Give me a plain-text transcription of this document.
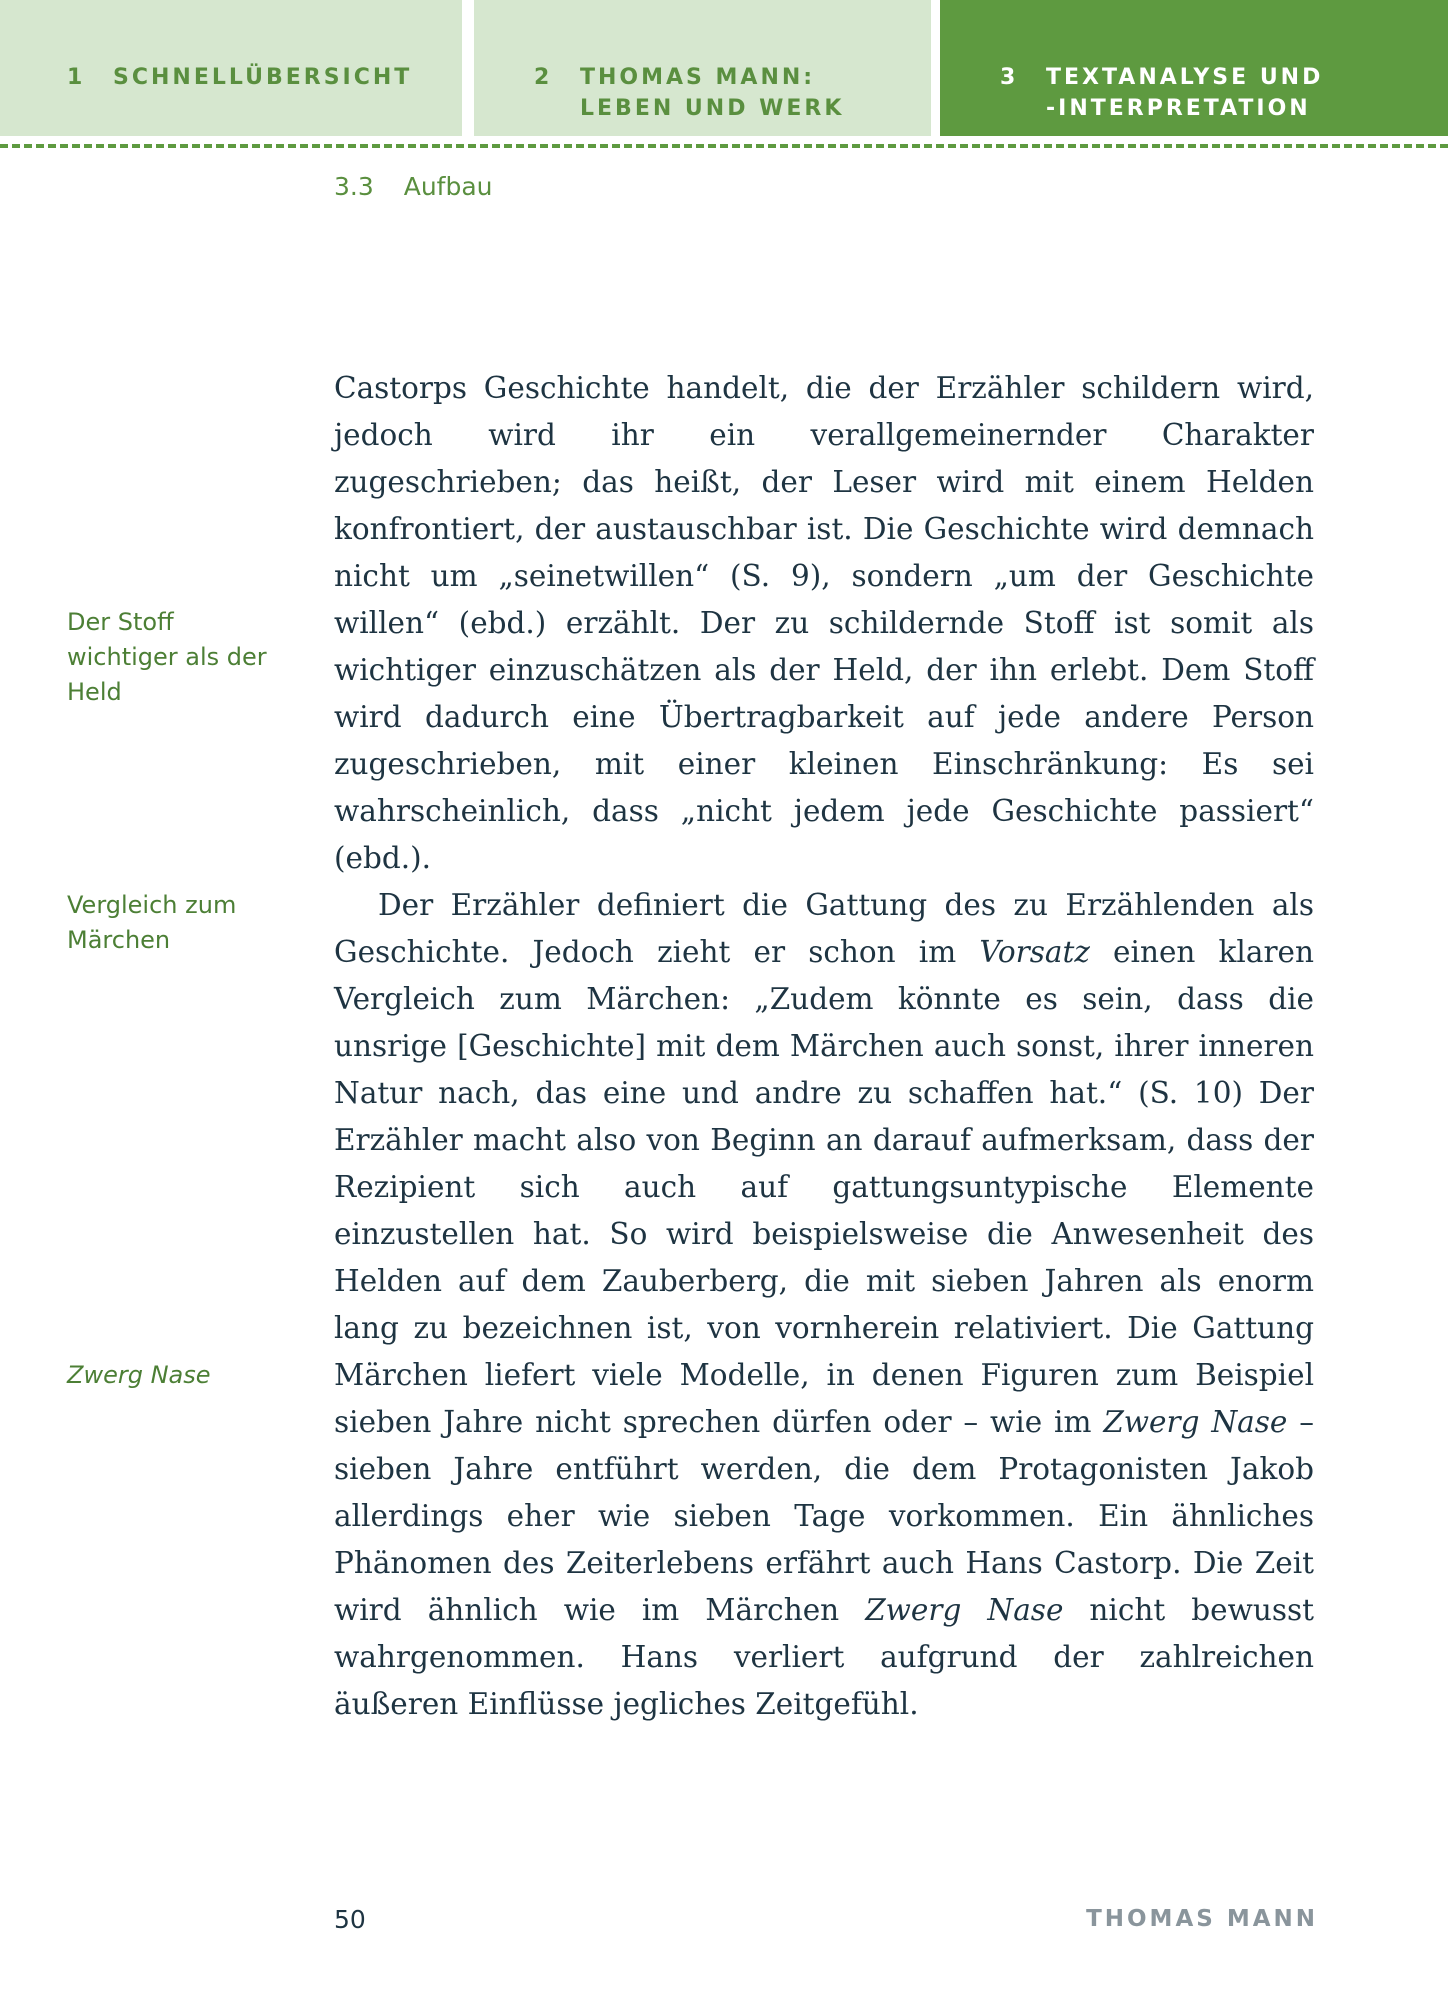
1	SCHNELLÜBERSICHT	2	THOMAS MANN:
LEBEN UND WERK
3	TEXTANALYSE UND
-INTERPRETATION
3.3 Aufbau
Der Stoff wichtiger als der Held
Vergleich zum Märchen
Zwerg Nase

Castorps Geschichte handelt, die der Erzähler schildern wird, jedoch wird ihr ein verallgemeinernder Charakter zugeschrieben; das heißt, der Leser wird mit einem Helden konfrontiert, der austauschbar ist. Die Geschichte wird demnach nicht um „seinetwillen“ (S. 9), sondern „um der Geschichte willen“ (ebd.) erzählt. Der zu schildernde Stoff ist somit als wichtiger einzuschätzen als der Held, der ihn erlebt. Dem Stoff wird dadurch eine Übertragbarkeit auf jede andere Person zugeschrieben, mit einer kleinen Einschränkung: Es sei wahrscheinlich, dass „nicht jedem jede Geschichte passiert“ (ebd.).

Der Erzähler definiert die Gattung des zu Erzählenden als Geschichte. Jedoch zieht er schon im Vorsatz einen klaren Vergleich zum Märchen: „Zudem könnte es sein, dass die unsrige [Geschichte] mit dem Märchen auch sonst, ihrer inneren Natur nach, das eine und andre zu schaffen hat.“ (S. 10) Der Erzähler macht also von Beginn an darauf aufmerksam, dass der Rezipient sich auch auf gattungsuntypische Elemente einzustellen hat. So wird beispielsweise die Anwesenheit des Helden auf dem Zauberberg, die mit sieben Jahren als enorm lang zu bezeichnen ist, von vornherein relativiert. Die Gattung Märchen liefert viele Modelle, in denen Figuren zum Beispiel sieben Jahre nicht sprechen dürfen oder – wie im Zwerg Nase – sieben Jahre entführt werden, die dem Protagonisten Jakob allerdings eher wie sieben Tage vorkommen. Ein ähnliches Phänomen des Zeiterlebens erfährt auch Hans Castorp. Die Zeit wird ähnlich wie im Märchen Zwerg Nase nicht bewusst wahrgenommen. Hans verliert aufgrund der zahlreichen äußeren Einflüsse jegliches Zeitgefühl.

50	THOMAS MANN
